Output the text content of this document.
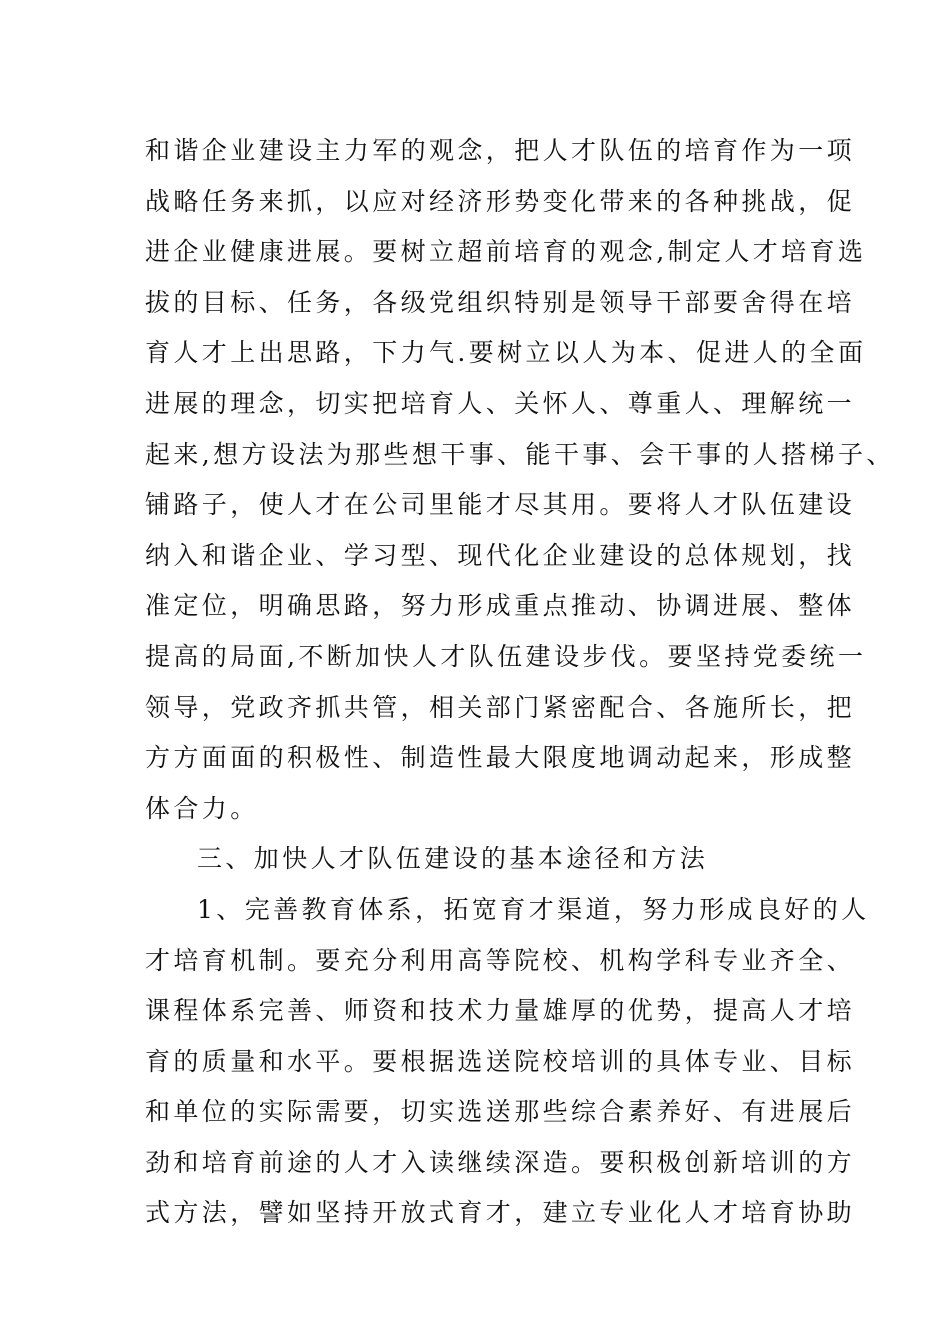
和谐企业建设主力军的观念，把人才队伍的培育作为一项
战略任务来抓，以应对经济形势变化带来的各种挑战，促
进企业健康进展。要树立超前培育的观念,制定人才培育选
拔的目标、任务，各级党组织特别是领导干部要舍得在培
育人才上出思路，下力气.要树立以人为本、促进人的全面
进展的理念，切实把培育人、关怀人、尊重人、理解统一
起来,想方设法为那些想干事、能干事、会干事的人搭梯子、
铺路子，使人才在公司里能才尽其用。要将人才队伍建设
纳入和谐企业、学习型、现代化企业建设的总体规划，找
准定位，明确思路，努力形成重点推动、协调进展、整体
提高的局面,不断加快人才队伍建设步伐。要坚持党委统一
领导，党政齐抓共管，相关部门紧密配合、各施所长，把
方方面面的积极性、制造性最大限度地调动起来，形成整
体合力。
三、加快人才队伍建设的基本途径和方法
1、完善教育体系，拓宽育才渠道，努力形成良好的人
才培育机制。要充分利用高等院校、机构学科专业齐全、
课程体系完善、师资和技术力量雄厚的优势，提高人才培
育的质量和水平。要根据选送院校培训的具体专业、目标
和单位的实际需要，切实选送那些综合素养好、有进展后
劲和培育前途的人才入读继续深造。要积极创新培训的方
式方法，譬如坚持开放式育才，建立专业化人才培育协助
